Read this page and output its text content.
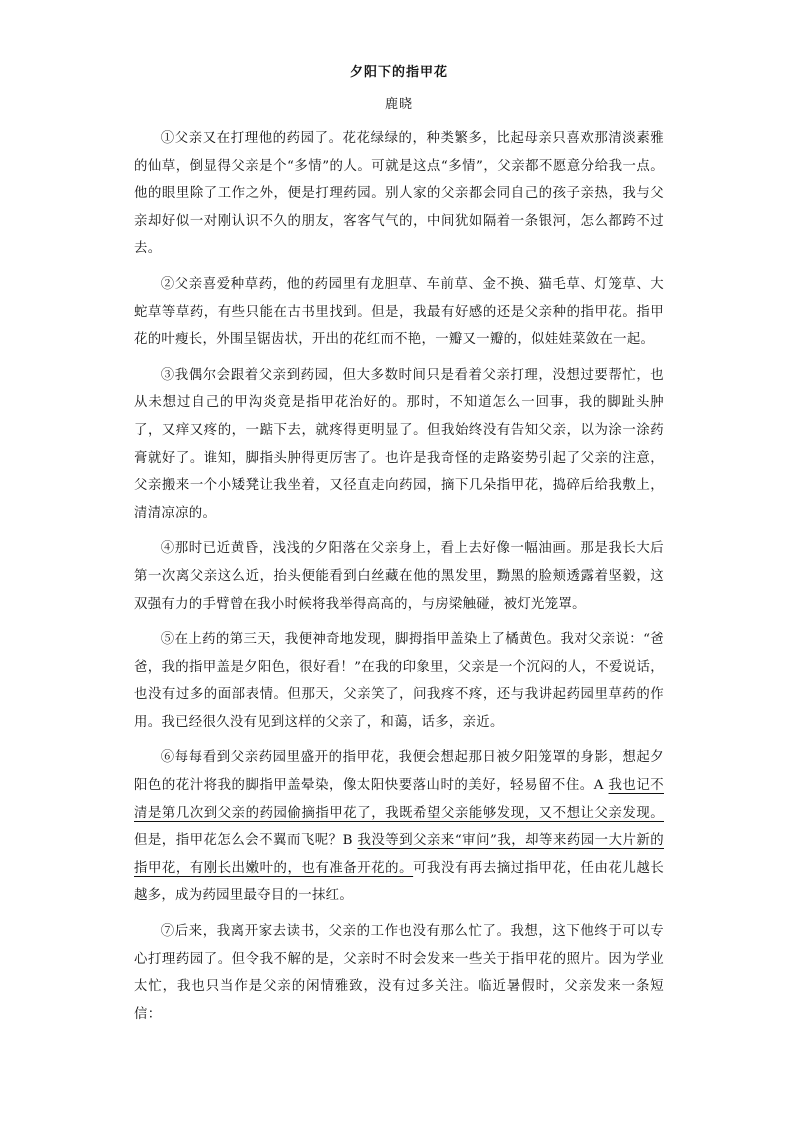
夕阳下的指甲花
鹿晓

①父亲又在打理他的药园了。花花绿绿的，种类繁多，比起母亲只喜欢那清淡素雅的仙草，倒显得父亲是个“多情”的人。可就是这点“多情”，父亲都不愿意分给我一点。他的眼里除了工作之外，便是打理药园。别人家的父亲都会同自己的孩子亲热，我与父亲却好似一对刚认识不久的朋友，客客气气的，中间犹如隔着一条银河，怎么都跨不过去。

②父亲喜爱种草药，他的药园里有龙胆草、车前草、金不换、猫毛草、灯笼草、大蛇草等草药，有些只能在古书里找到。但是，我最有好感的还是父亲种的指甲花。指甲花的叶瘦长，外围呈锯齿状，开出的花红而不艳，一瓣又一瓣的，似娃娃菜敛在一起。

③我偶尔会跟着父亲到药园，但大多数时间只是看着父亲打理，没想过要帮忙，也从未想过自己的甲沟炎竟是指甲花治好的。那时，不知道怎么一回事，我的脚趾头肿了，又痒又疼的，一踮下去，就疼得更明显了。但我始终没有告知父亲，以为涂一涂药膏就好了。谁知，脚指头肿得更厉害了。也许是我奇怪的走路姿势引起了父亲的注意，父亲搬来一个小矮凳让我坐着，又径直走向药园，摘下几朵指甲花，捣碎后给我敷上，清清凉凉的。

④那时已近黄昏，浅浅的夕阳落在父亲身上，看上去好像一幅油画。那是我长大后第一次离父亲这么近，抬头便能看到白丝藏在他的黑发里，黝黑的脸颊透露着坚毅，这双强有力的手臂曾在我小时候将我举得高高的，与房梁触碰，被灯光笼罩。

⑤在上药的第三天，我便神奇地发现，脚拇指甲盖染上了橘黄色。我对父亲说：“爸爸，我的指甲盖是夕阳色，很好看！”在我的印象里，父亲是一个沉闷的人，不爱说话，也没有过多的面部表情。但那天，父亲笑了，问我疼不疼，还与我讲起药园里草药的作用。我已经很久没有见到这样的父亲了，和蔼，话多，亲近。

⑥每每看到父亲药园里盛开的指甲花，我便会想起那日被夕阳笼罩的身影，想起夕阳色的花汁将我的脚指甲盖晕染，像太阳快要落山时的美好，轻易留不住。A 我也记不清是第几次到父亲的药园偷摘指甲花了，我既希望父亲能够发现，又不想让父亲发现。但是，指甲花怎么会不翼而飞呢？B 我没等到父亲来“审问”我，却等来药园一大片新的指甲花，有刚长出嫩叶的，也有准备开花的。可我没有再去摘过指甲花，任由花儿越长越多，成为药园里最夺目的一抹红。

⑦后来，我离开家去读书，父亲的工作也没有那么忙了。我想，这下他终于可以专心打理药园了。但令我不解的是，父亲时不时会发来一些关于指甲花的照片。因为学业太忙，我也只当作是父亲的闲情雅致，没有过多关注。临近暑假时，父亲发来一条短信：
